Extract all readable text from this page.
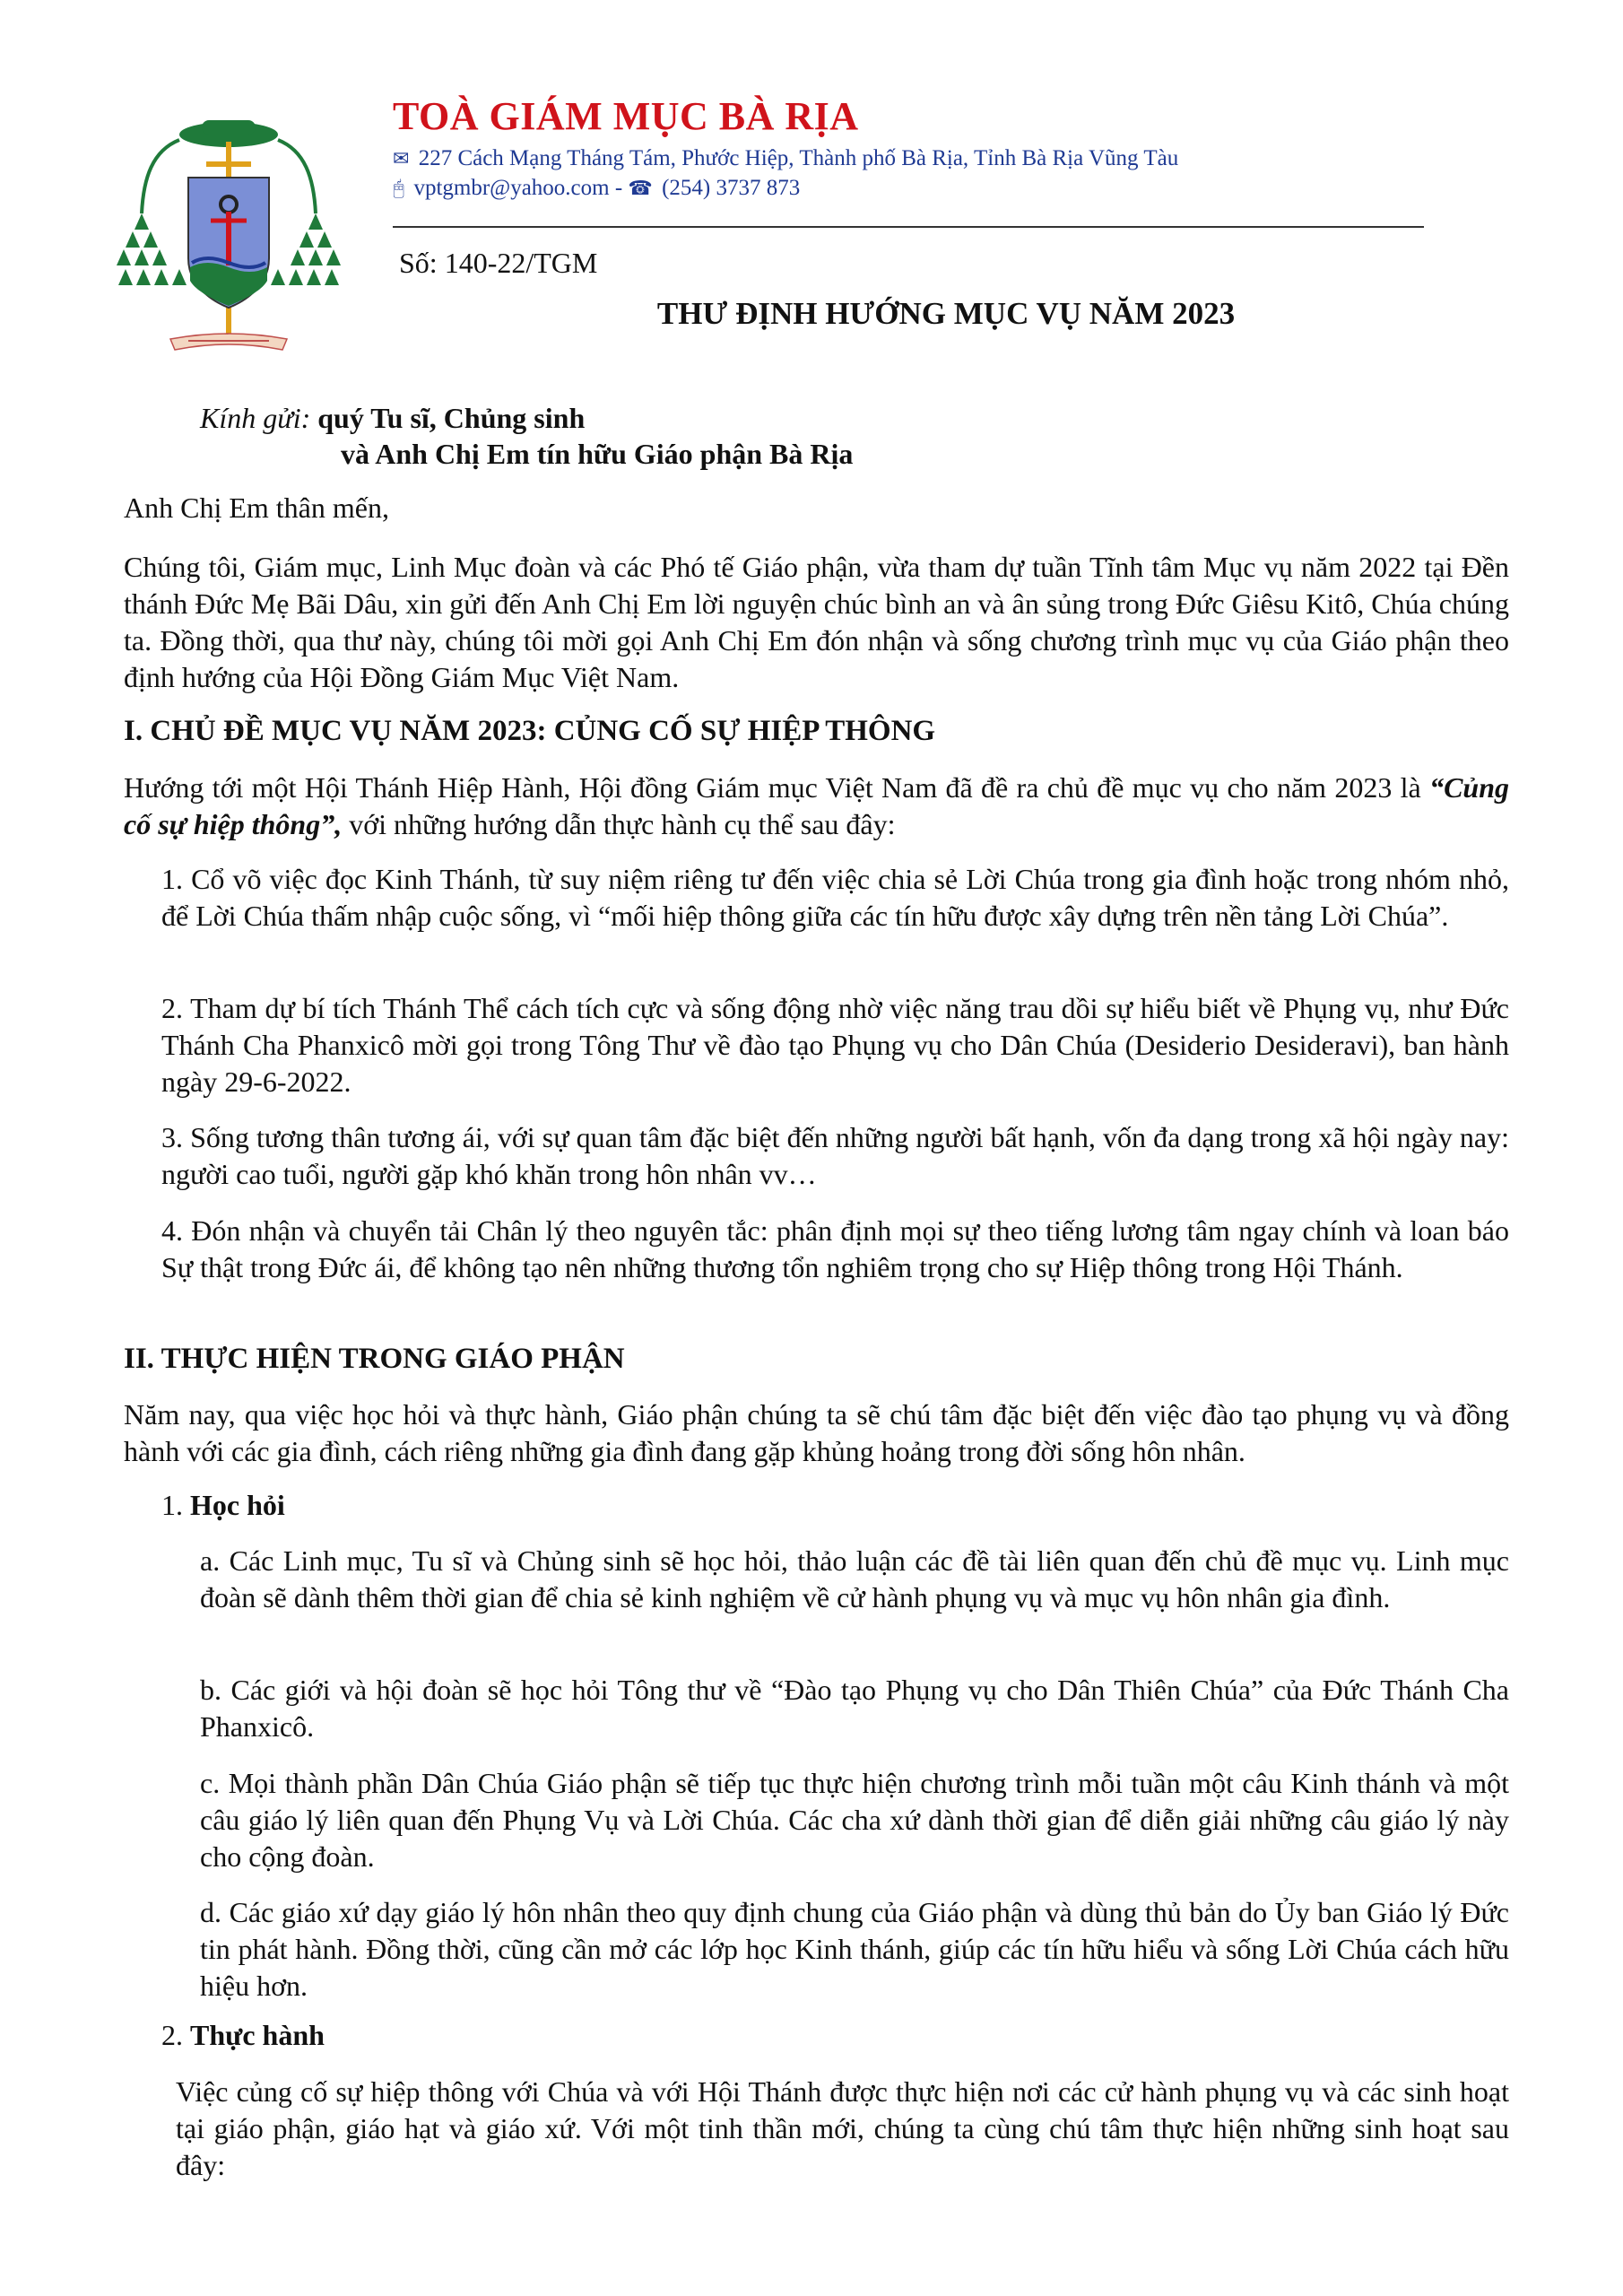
TOÀ GIÁM MỤC BÀ RỊA
✉ 227 Cách Mạng Tháng Tám, Phước Hiệp, Thành phố Bà Rịa, Tỉnh Bà Rịa Vũng Tàu
🖰 vptgmbr@yahoo.com - ☎ (254) 3737 873
Số: 140-22/TGM
THƯ ĐỊNH HƯỚNG MỤC VỤ NĂM 2023
Kính gửi: quý Tu sĩ, Chủng sinh
và Anh Chị Em tín hữu Giáo phận Bà Rịa
Anh Chị Em thân mến,

Chúng tôi, Giám mục, Linh Mục đoàn và các Phó tế Giáo phận, vừa tham dự tuần Tĩnh tâm Mục vụ năm 2022 tại Đền thánh Đức Mẹ Bãi Dâu, xin gửi đến Anh Chị Em lời nguyện chúc bình an và ân sủng trong Đức Giêsu Kitô, Chúa chúng ta. Đồng thời, qua thư này, chúng tôi mời gọi Anh Chị Em đón nhận và sống chương trình mục vụ của Giáo phận theo định hướng của Hội Đồng Giám Mục Việt Nam.

I. CHỦ ĐỀ MỤC VỤ NĂM 2023: CỦNG CỐ SỰ HIỆP THÔNG

Hướng tới một Hội Thánh Hiệp Hành, Hội đồng Giám mục Việt Nam đã đề ra chủ đề mục vụ cho năm 2023 là “Củng cố sự hiệp thông”, với những hướng dẫn thực hành cụ thể sau đây:

1. Cổ võ việc đọc Kinh Thánh, từ suy niệm riêng tư đến việc chia sẻ Lời Chúa trong gia đình hoặc trong nhóm nhỏ, để Lời Chúa thấm nhập cuộc sống, vì “mối hiệp thông giữa các tín hữu được xây dựng trên nền tảng Lời Chúa”.

2. Tham dự bí tích Thánh Thể cách tích cực và sống động nhờ việc năng trau dồi sự hiểu biết về Phụng vụ, như Đức Thánh Cha Phanxicô mời gọi trong Tông Thư về đào tạo Phụng vụ cho Dân Chúa (Desiderio Desideravi), ban hành ngày 29-6-2022.

3. Sống tương thân tương ái, với sự quan tâm đặc biệt đến những người bất hạnh, vốn đa dạng trong xã hội ngày nay: người cao tuổi, người gặp khó khăn trong hôn nhân vv…

4. Đón nhận và chuyển tải Chân lý theo nguyên tắc: phân định mọi sự theo tiếng lương tâm ngay chính và loan báo Sự thật trong Đức ái, để không tạo nên những thương tổn nghiêm trọng cho sự Hiệp thông trong Hội Thánh.

II. THỰC HIỆN TRONG GIÁO PHẬN

Năm nay, qua việc học hỏi và thực hành, Giáo phận chúng ta sẽ chú tâm đặc biệt đến việc đào tạo phụng vụ và đồng hành với các gia đình, cách riêng những gia đình đang gặp khủng hoảng trong đời sống hôn nhân.

1. Học hỏi

a. Các Linh mục, Tu sĩ và Chủng sinh sẽ học hỏi, thảo luận các đề tài liên quan đến chủ đề mục vụ. Linh mục đoàn sẽ dành thêm thời gian để chia sẻ kinh nghiệm về cử hành phụng vụ và mục vụ hôn nhân gia đình.

b. Các giới và hội đoàn sẽ học hỏi Tông thư về “Đào tạo Phụng vụ cho Dân Thiên Chúa” của Đức Thánh Cha Phanxicô.

c. Mọi thành phần Dân Chúa Giáo phận sẽ tiếp tục thực hiện chương trình mỗi tuần một câu Kinh thánh và một câu giáo lý liên quan đến Phụng Vụ và Lời Chúa. Các cha xứ dành thời gian để diễn giải những câu giáo lý này cho cộng đoàn.

d. Các giáo xứ dạy giáo lý hôn nhân theo quy định chung của Giáo phận và dùng thủ bản do Ủy ban Giáo lý Đức tin phát hành. Đồng thời, cũng cần mở các lớp học Kinh thánh, giúp các tín hữu hiểu và sống Lời Chúa cách hữu hiệu hơn.

2. Thực hành

Việc củng cố sự hiệp thông với Chúa và với Hội Thánh được thực hiện nơi các cử hành phụng vụ và các sinh hoạt tại giáo phận, giáo hạt và giáo xứ. Với một tinh thần mới, chúng ta cùng chú tâm thực hiện những sinh hoạt sau đây:
